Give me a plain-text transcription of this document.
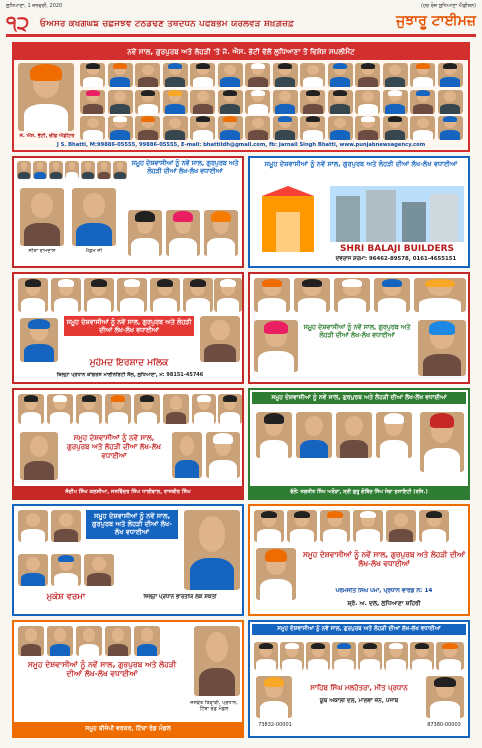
ਲੁਧਿਆਣਾ, 1 ਜਨਵਰੀ, 2020	(ਹਰ ਰੋਜ਼ ਲੁਧਿਆਣਾ ਐਡੀਸ਼ਨ)
੧੨ ਓਅਸਰ ਕਖਗਘਙ ਚਛਜਝਞ ਟਠਡਢਣ ਤਥਦਧਨ ਪਫਬਭਮ ਯਰਲਵੜ ਸ਼ਖ਼ਗ਼ਜ਼ਫ਼	ਜੁਝਾਰੂ ਟਾਈਮਜ਼
ਨਵੇਂ ਸਾਲ, ਗੁਰਪੁਰਬ ਅਤੇ ਲੋਹੜੀ 'ਤੇ ਜੇ. ਐਸ. ਭੱਟੀ ਵੱਲੋਂ ਲੁਧਿਆਣਾ ਤੋਂ ਵਿਸ਼ੇਸ਼ ਸਪਲੀਮੈਂਟ
ਜੇ. ਐਸ. ਭੱਟੀ, ਚੀਫ਼ ਐਡੀਟਰ
J S. Bhatti, M:99886-05555, 99886-05555, E-mail: bhattildh@gmail.com, fb: Jarnail Singh Bhatti, www.punjabnewsagency.com
ਸਮੂਹ ਦੇਸ਼ਵਾਸੀਆਂ ਨੂੰ ਨਵੇਂ ਸਾਲ, ਗੁਰਪੁਰਬ ਅਤੇ ਲੋਹੜੀ ਦੀਆਂ ਲੱਖ-ਲੱਖ ਵਧਾਈਆਂ
ਸੀਤਾ ਰਾਮਦਾਸ	ਮੈਡਮ ਜੀ
ਸਮੂਹ ਦੇਸ਼ਵਾਸੀਆਂ ਨੂੰ ਨਵੇਂ ਸਾਲ, ਗੁਰਪੁਰਬ ਅਤੇ ਲੋਹੜੀ ਦੀਆਂ ਲੱਖ-ਲੱਖ ਵਧਾਈਆਂ
SHRI BALAJI BUILDERS
ਦੇਵਰਾਜ ਸ਼ਰਮਾ: 96462-89578, 0161-4655151
ਸਮੂਹ ਦੇਸ਼ਵਾਸੀਆਂ ਨੂੰ ਨਵੇਂ ਸਾਲ, ਗੁਰਪੁਰਬ ਅਤੇ ਲੋਹੜੀ ਦੀਆਂ ਲੱਖ-ਲੱਖ ਵਧਾਈਆਂ
ਮੁਹੰਮਦ ਇਰਸ਼ਾਦ ਮਲਿਕ
ਜ਼ਿਲ੍ਹਾ ਪ੍ਰਧਾਨ ਕਾਂਗਰਸ ਮਾਈਨੋਰਿਟੀ ਸੈੱਲ, ਲੁਧਿਆਣਾ, ਮੋ: 98151-45746
ਸਮੂਹ ਦੇਸ਼ਵਾਸੀਆਂ ਨੂੰ ਨਵੇਂ ਸਾਲ, ਗੁਰਪੁਰਬ ਅਤੇ ਲੋਹੜੀ ਦੀਆਂ ਲੱਖ-ਲੱਖ ਵਧਾਈਆਂ
ਸਮੂਹ ਦੇਸ਼ਵਾਸੀਆਂ ਨੂੰ ਨਵੇਂ ਸਾਲ, ਗੁਰਪੁਰਬ ਅਤੇ ਲੋਹੜੀ ਦੀਆਂ ਲੱਖ-ਲੱਖ ਵਧਾਈਆਂ
ਸੰਦੀਪ ਸਿੰਘ ਕਲਸੀਆ, ਜਸਵਿੰਦਰ ਸਿੰਘ ਧਾਲੀਵਾਲ, ਰਾਜਬੀਰ ਸਿੰਘ
ਸਮੂਹ ਦੇਸ਼ਵਾਸੀਆਂ ਨੂੰ ਨਵੇਂ ਸਾਲ, ਗੁਰਪੁਰਬ ਅਤੇ ਲੋਹੜੀ ਦੀਆਂ ਲੱਖ-ਲੱਖ ਵਧਾਈਆਂ
ਵੱਲੋਂ: ਜਗਜੀਤ ਸਿੰਘ ਅਰੋੜਾ, ਸ੍ਰੀ ਗੁਰੂ ਗੋਬਿੰਦ ਸਿੰਘ ਸੇਵਾ ਸੁਸਾਇਟੀ (ਰਜਿ.)
ਸਮੂਹ ਦੇਸ਼ਵਾਸੀਆਂ ਨੂੰ ਨਵੇਂ ਸਾਲ, ਗੁਰਪੁਰਬ ਅਤੇ ਲੋਹੜੀ ਦੀਆਂ ਲੱਖ-ਲੱਖ ਵਧਾਈਆਂ
ਮੁਕੇਸ਼ ਵਰਮਾ	ਜ਼ਿਲ੍ਹਾ ਪ੍ਰਧਾਨ ਭਾਰਤੀਯ ਲੋਕ ਸ਼ਕਤੀ
ਸਮੂਹ ਦੇਸ਼ਵਾਸੀਆਂ ਨੂੰ ਨਵੇਂ ਸਾਲ, ਗੁਰਪੁਰਬ ਅਤੇ ਲੋਹੜੀ ਦੀਆਂ ਲੱਖ-ਲੱਖ ਵਧਾਈਆਂ
ਪਰਮਜੀਤ ਸਿੰਘ ਪੰਮਾ, ਪ੍ਰਧਾਨ ਵਾਰਡ ਨੰ: 14
ਸ਼੍ਰੋ. ਅ. ਦਲ, ਲੁਧਿਆਣਾ ਸ਼ਹਿਰੀ
ਸਮੂਹ ਦੇਸ਼ਵਾਸੀਆਂ ਨੂੰ ਨਵੇਂ ਸਾਲ, ਗੁਰਪੁਰਬ ਅਤੇ ਲੋਹੜੀ ਦੀਆਂ ਲੱਖ-ਲੱਖ ਵਧਾਈਆਂ
ਜਸਵੰਤ ਤਿਵਾੜੀ, ਪ੍ਰਧਾਨ, ਟਿੱਬਾ ਰੋਡ ਮੰਡਲ
ਸਮੂਹ ਬੀਜੇਪੀ ਵਰਕਰ, ਟਿੱਬਾ ਰੋਡ ਮੰਡਲ
ਸਮੂਹ ਦੇਸ਼ਵਾਸੀਆਂ ਨੂੰ ਨਵੇਂ ਸਾਲ, ਗੁਰਪੁਰਬ ਅਤੇ ਲੋਹੜੀ ਦੀਆਂ ਲੱਖ-ਲੱਖ ਵਧਾਈਆਂ
ਸਾਹਿਬ ਸਿੰਘ ਮਲਹੋਤਰਾ, ਮੀਤ ਪ੍ਰਧਾਨ
ਯੂਥ ਅਕਾਲੀ ਦਲ, ਮਾਲਵਾ ਜ਼ੋਨ, ਪੰਜਾਬ
73832-00001	87380-00003
